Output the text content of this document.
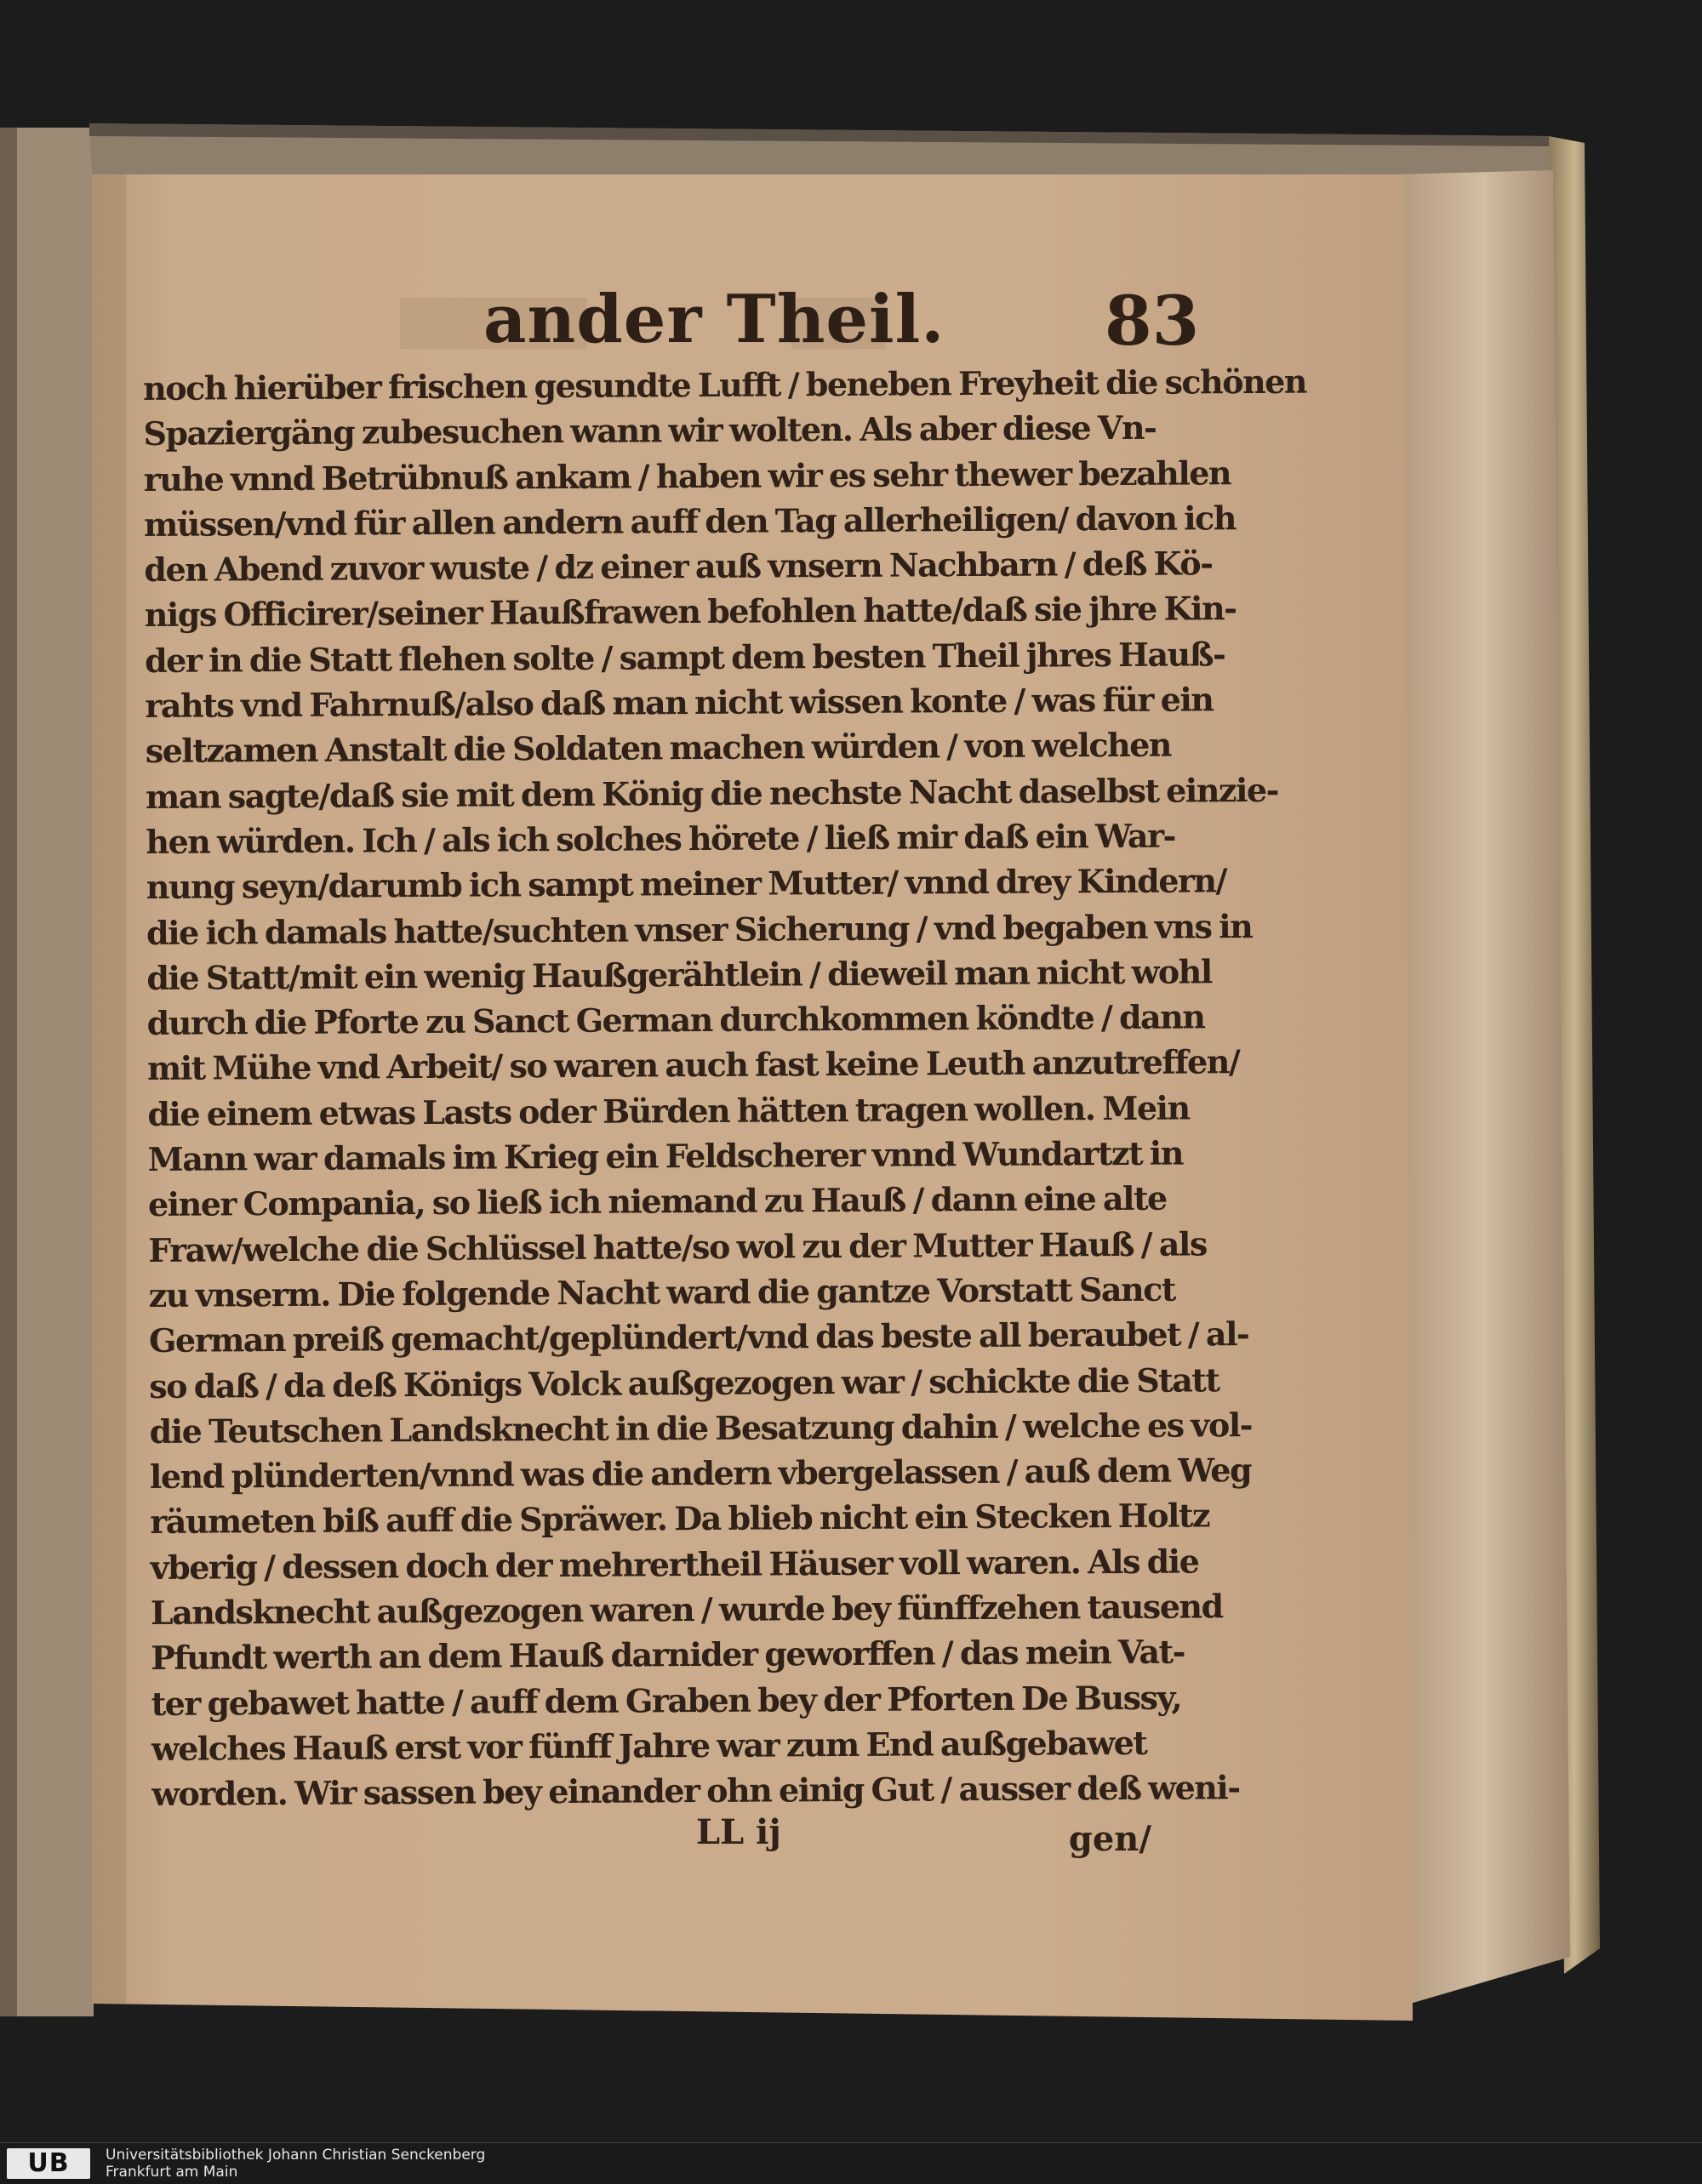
ander Theil. 83
noch hierüber frischen gesundte Lufft / beneben Freyheit die schönen
Spaziergäng zubesuchen wann wir wolten. Als aber diese Vn-
ruhe vnnd Betrübnuß ankam / haben wir es sehr thewer bezahlen
müssen/vnd für allen andern auff den Tag allerheiligen/ davon ich
den Abend zuvor wuste / dz einer auß vnsern Nachbarn / deß Kö-
nigs Officirer/seiner Haußfrawen befohlen hatte/daß sie jhre Kin-
der in die Statt flehen solte / sampt dem besten Theil jhres Hauß-
rahts vnd Fahrnuß/also daß man nicht wissen konte / was für ein
seltzamen Anstalt die Soldaten machen würden / von welchen
man sagte/daß sie mit dem König die nechste Nacht daselbst einzie-
hen würden. Ich / als ich solches hörete / ließ mir daß ein War-
nung seyn/darumb ich sampt meiner Mutter/ vnnd drey Kindern/
die ich damals hatte/suchten vnser Sicherung / vnd begaben vns in
die Statt/mit ein wenig Haußgerähtlein / dieweil man nicht wohl
durch die Pforte zu Sanct German durchkommen köndte / dann
mit Mühe vnd Arbeit/ so waren auch fast keine Leuth anzutreffen/
die einem etwas Lasts oder Bürden hätten tragen wollen. Mein
Mann war damals im Krieg ein Feldscherer vnnd Wundartzt in
einer Compania, so ließ ich niemand zu Hauß / dann eine alte
Fraw/welche die Schlüssel hatte/so wol zu der Mutter Hauß / als
zu vnserm. Die folgende Nacht ward die gantze Vorstatt Sanct
German preiß gemacht/geplündert/vnd das beste all beraubet / al-
so daß / da deß Königs Volck außgezogen war / schickte die Statt
die Teutschen Landsknecht in die Besatzung dahin / welche es vol-
lend plünderten/vnnd was die andern vbergelassen / auß dem Weg
räumeten biß auff die Spräwer. Da blieb nicht ein Stecken Holtz
vberig / dessen doch der mehrertheil Häuser voll waren. Als die
Landsknecht außgezogen waren / wurde bey fünffzehen tausend
Pfundt werth an dem Hauß darnider geworffen / das mein Vat-
ter gebawet hatte / auff dem Graben bey der Pforten De Bussy,
welches Hauß erst vor fünff Jahre war zum End außgebawet
worden. Wir sassen bey einander ohn einig Gut / ausser deß weni-
LL ij	gen/
UB	Universitätsbibliothek Johann Christian Senckenberg
Frankfurt am Main
